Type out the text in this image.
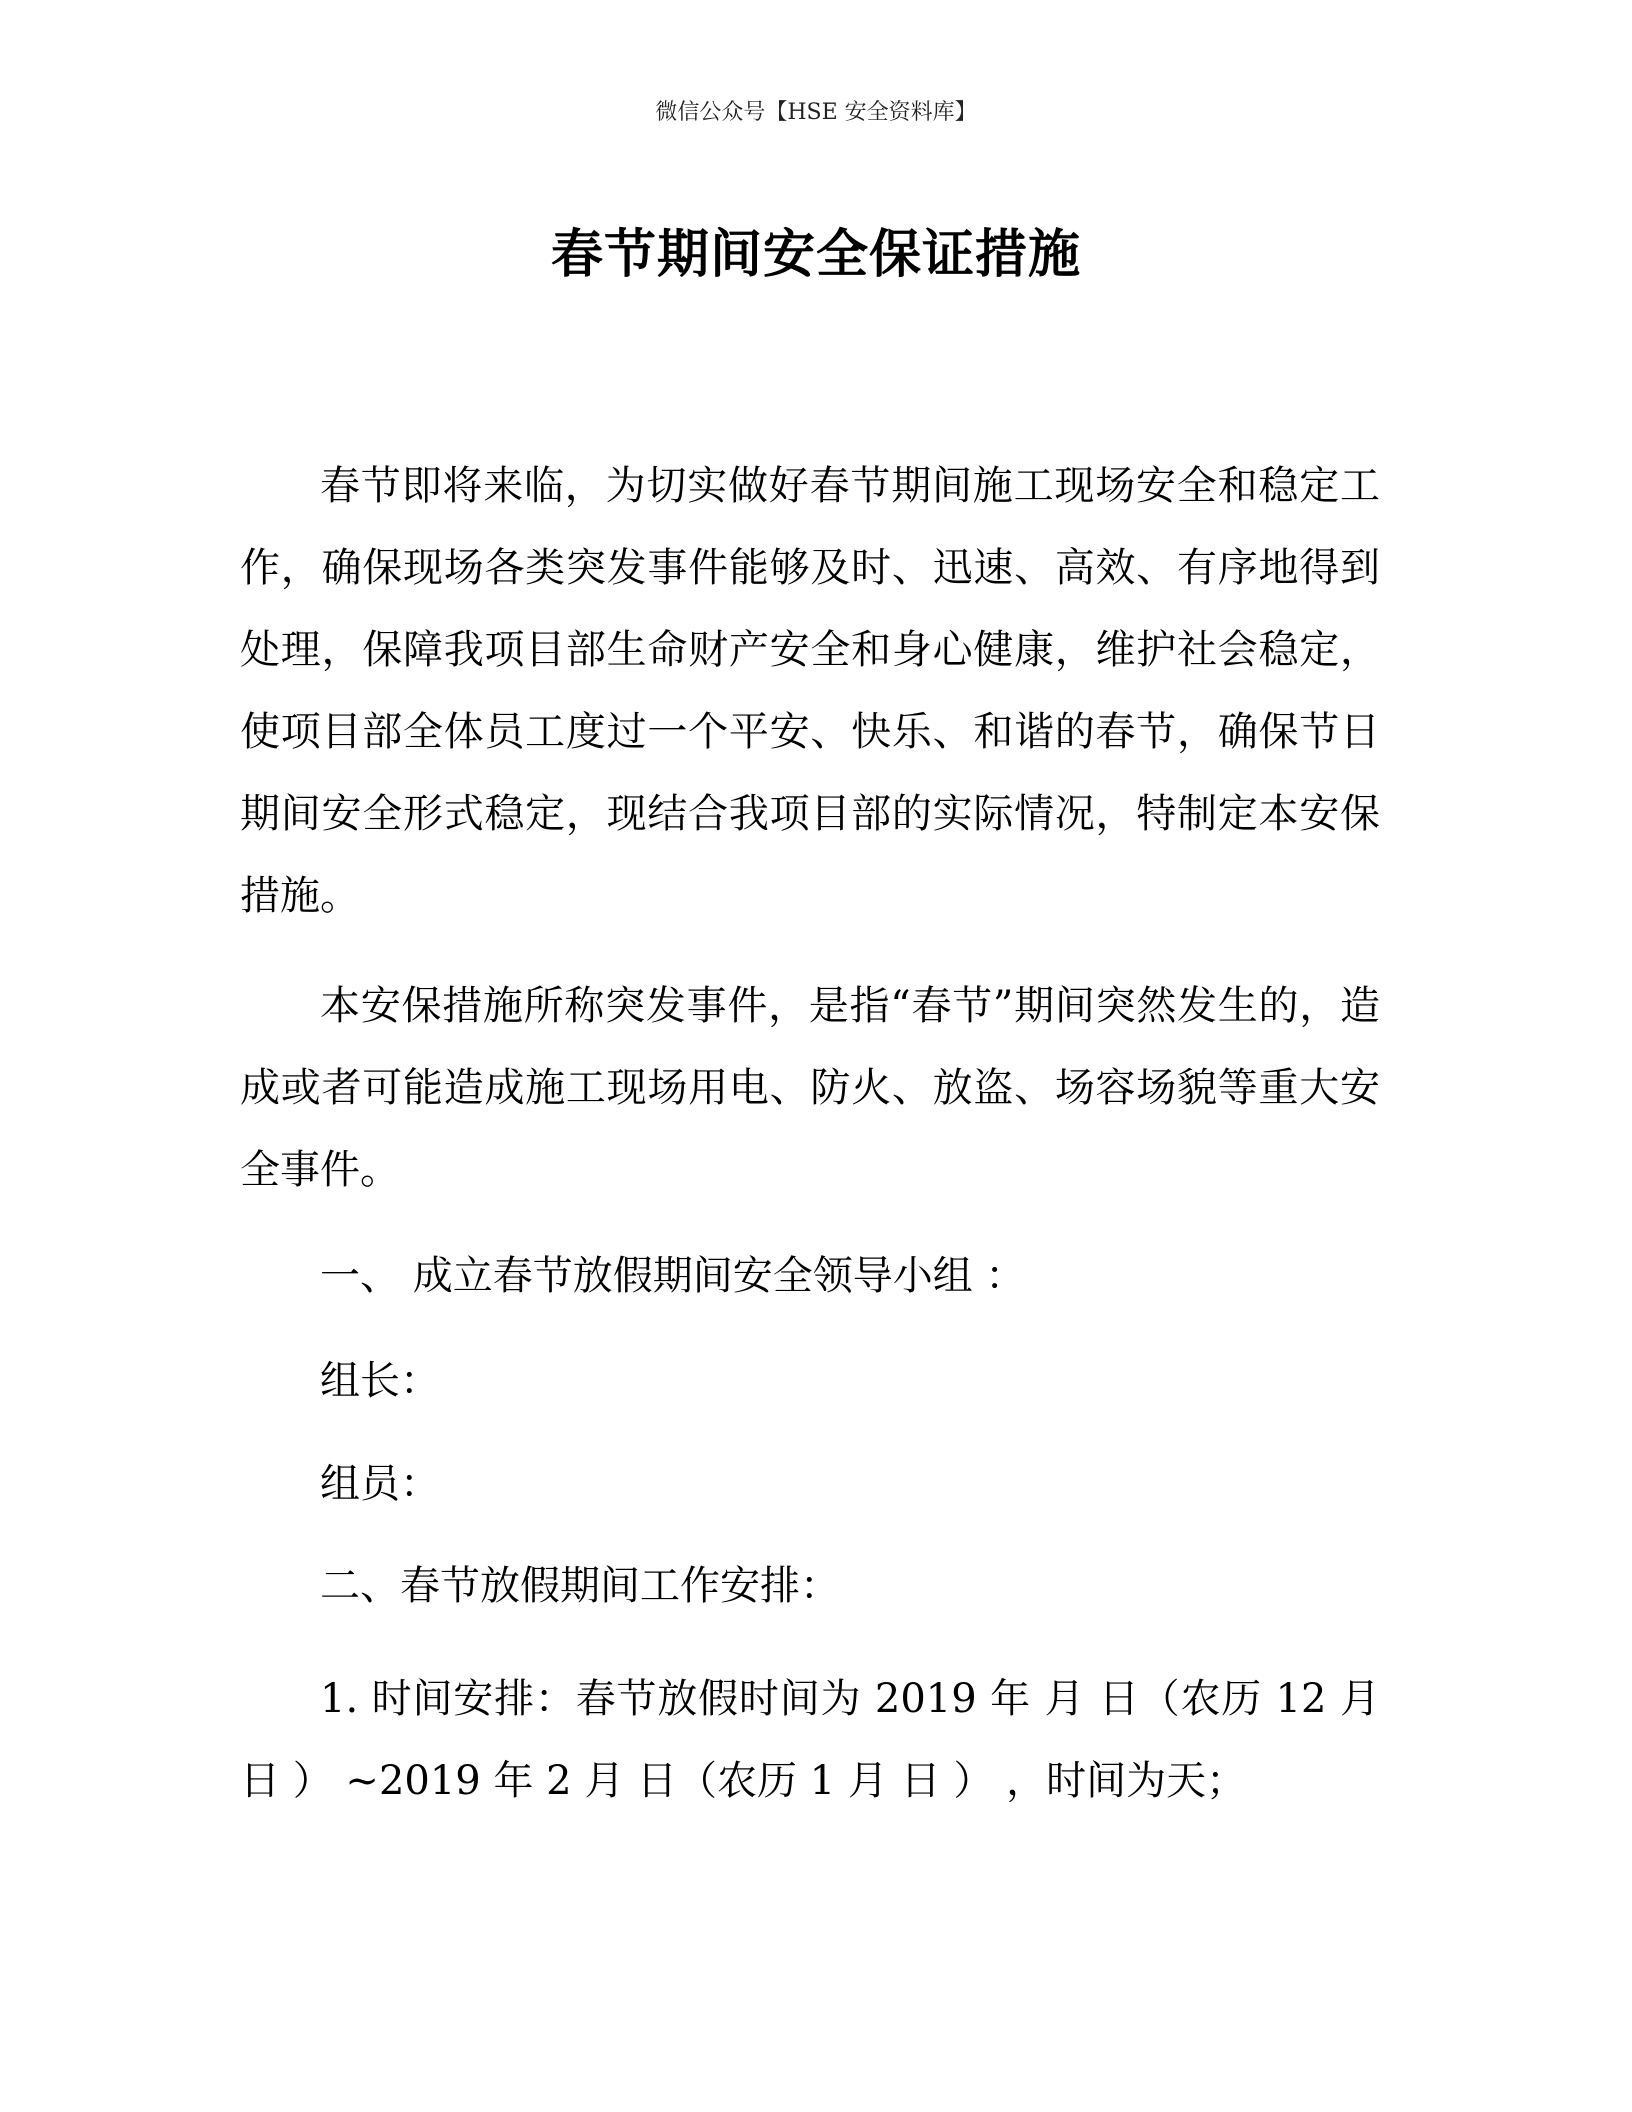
微信公众号【HSE 安全资料库】
春节期间安全保证措施

春节即将来临，为切实做好春节期间施工现场安全和稳定工作，确保现场各类突发事件能够及时、迅速、高效、有序地得到处理，保障我项目部生命财产安全和身心健康，维护社会稳定，使项目部全体员工度过一个平安、快乐、和谐的春节，确保节日期间安全形式稳定，现结合我项目部的实际情况，特制定本安保措施。

本安保措施所称突发事件，是指“春节”期间突然发生的，造成或者可能造成施工现场用电、防火、放盗、场容场貌等重大安全事件。

一、 成立春节放假期间安全领导小组 ：
组长：
组员：
二、春节放假期间工作安排：

1. 时间安排：春节放假时间为 2019 年 月 日（农历 12 月 日 ） ~2019 年 2 月 日（农历 1 月 日 ） ，时间为天；
